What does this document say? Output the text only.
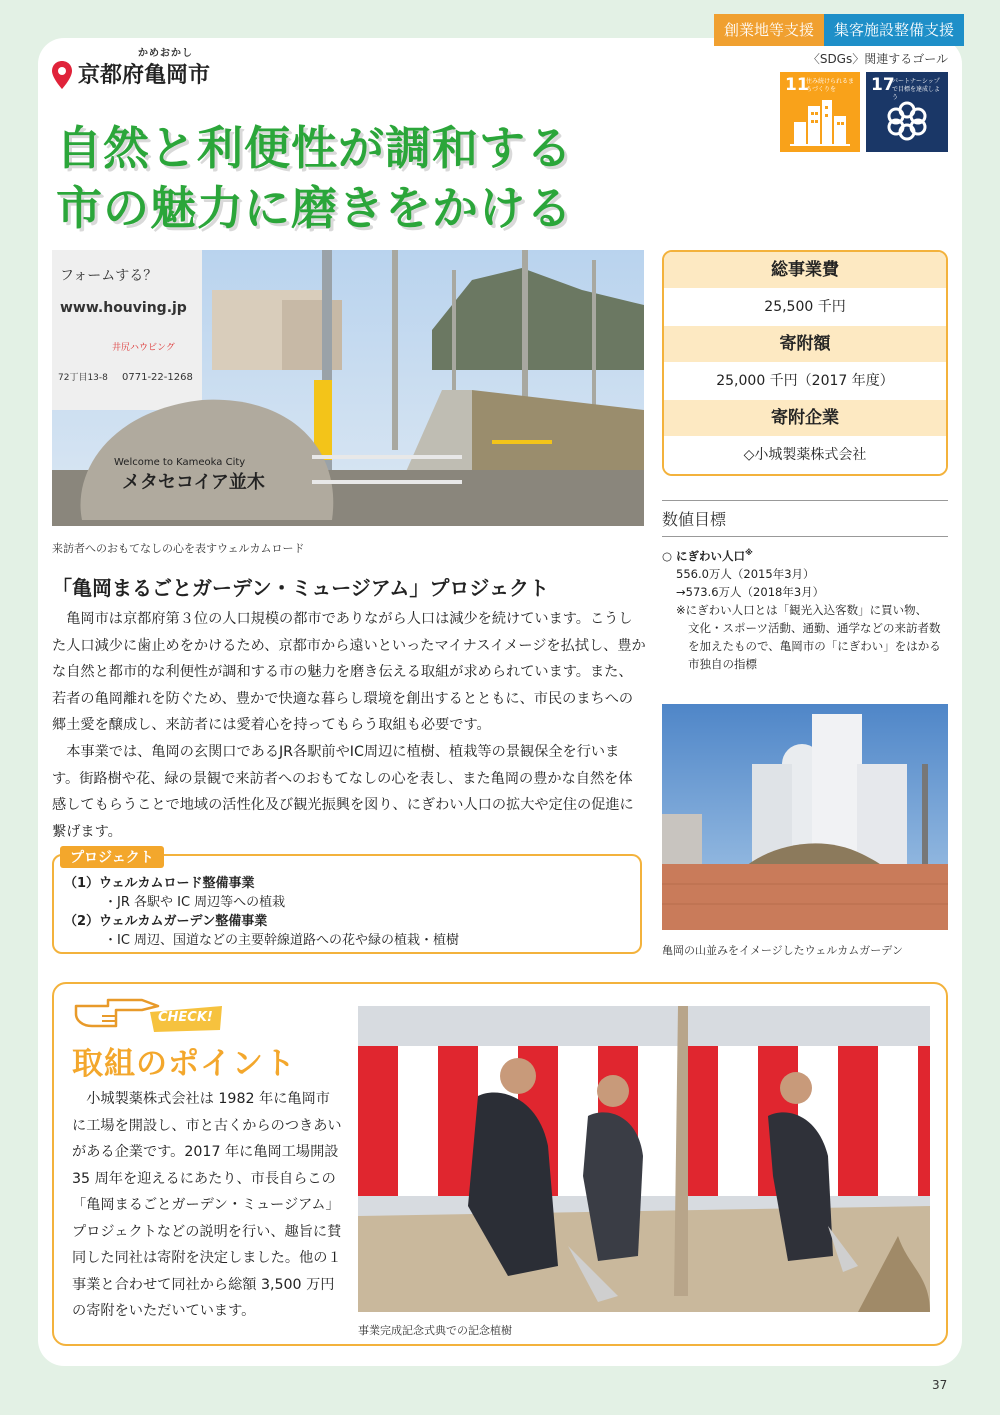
創業地等支援	集客施設整備支援
〈SDGs〉関連するゴール
11
住み続けられるまちづくりを	17
パートナーシップで目標を達成しよう
かめおかし
京都府亀岡市
自然と利便性が調和する
市の魅力に磨きをかける
フォームする？
www.houving.jp
井尻ハウビング
0771-22-1268
72丁目13-8
Welcome to Kameoka City
メタセコイア並木
来訪者へのおもてなしの心を表すウェルカムロード
総事業費
25,500 千円
寄附額
25,000 千円（2017 年度）
寄附企業
◇小城製薬株式会社
数値目標
○ にぎわい人口※
556.0万人（2015年3月）
→573.6万人（2018年3月）
※にぎわい人口とは「観光入込客数」に買い物、
文化・スポーツ活動、通勤、通学などの来訪者数
を加えたもので、亀岡市の「にぎわい」をはかる
市独自の指標
亀岡の山並みをイメージしたウェルカムガーデン
「亀岡まるごとガーデン・ミュージアム」プロジェクト

亀岡市は京都府第３位の人口規模の都市でありながら人口は減少を続けています。こうした人口減少に歯止めをかけるため、京都市から遠いといったマイナスイメージを払拭し、豊かな自然と都市的な利便性が調和する市の魅力を磨き伝える取組が求められています。また、若者の亀岡離れを防ぐため、豊かで快適な暮らし環境を創出するとともに、市民のまちへの郷土愛を醸成し、来訪者には愛着心を持ってもらう取組も必要です。

本事業では、亀岡の玄関口であるJR各駅前やIC周辺に植樹、植栽等の景観保全を行います。街路樹や花、緑の景観で来訪者へのおもてなしの心を表し、また亀岡の豊かな自然を体感してもらうことで地域の活性化及び観光振興を図り、にぎわい人口の拡大や定住の促進に繋げます。

プロジェクト
（1）ウェルカムロード整備事業
・JR 各駅や IC 周辺等への植栽
（2）ウェルカムガーデン整備事業
・IC 周辺、国道などの主要幹線道路への花や緑の植栽・植樹
CHECK!
取組のポイント
小城製薬株式会社は 1982 年に亀岡市に工場を開設し、市と古くからのつきあいがある企業です。2017 年に亀岡工場開設 35 周年を迎えるにあたり、市長自らこの「亀岡まるごとガーデン・ミュージアム」プロジェクトなどの説明を行い、趣旨に賛同した同社は寄附を決定しました。他の１事業と合わせて同社から総額 3,500 万円の寄附をいただいています。
事業完成記念式典での記念植樹
37
